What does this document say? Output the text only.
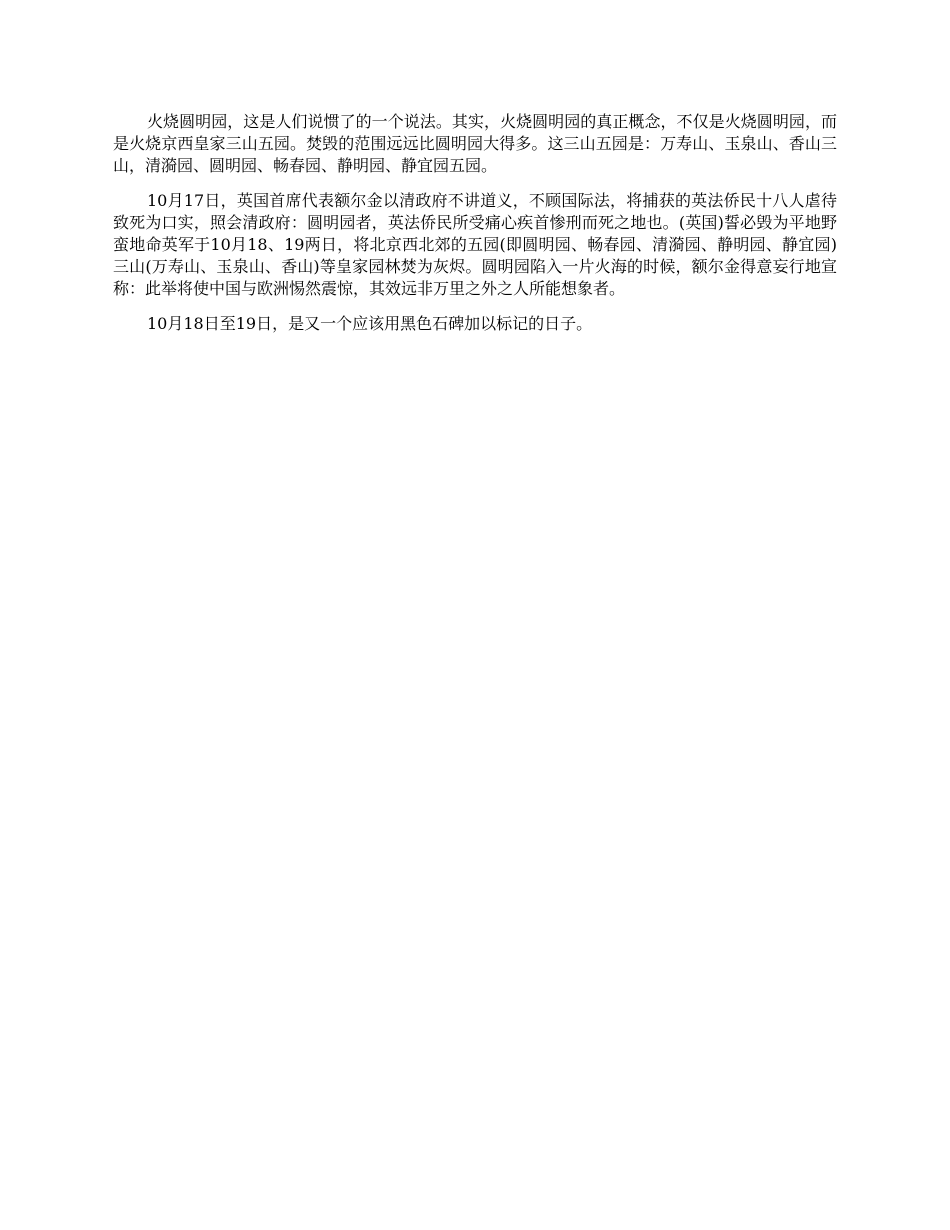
火烧圆明园，这是人们说惯了的一个说法。其实，火烧圆明园的真正概念，不仅是火烧圆明园，而是火烧京西皇家三山五园。焚毁的范围远远比圆明园大得多。这三山五园是：万寿山、玉泉山、香山三山，清漪园、圆明园、畅春园、静明园、静宜园五园。

10月17日，英国首席代表额尔金以清政府不讲道义，不顾国际法，将捕获的英法侨民十八人虐待致死为口实，照会清政府：圆明园者，英法侨民所受痛心疾首惨刑而死之地也。(英国)誓必毁为平地野蛮地命英军于10月18、19两日，将北京西北郊的五园(即圆明园、畅春园、清漪园、静明园、静宜园)三山(万寿山、玉泉山、香山)等皇家园林焚为灰烬。圆明园陷入一片火海的时候，额尔金得意妄行地宣称：此举将使中国与欧洲惕然震惊，其效远非万里之外之人所能想象者。

10月18日至19日，是又一个应该用黑色石碑加以标记的日子。
